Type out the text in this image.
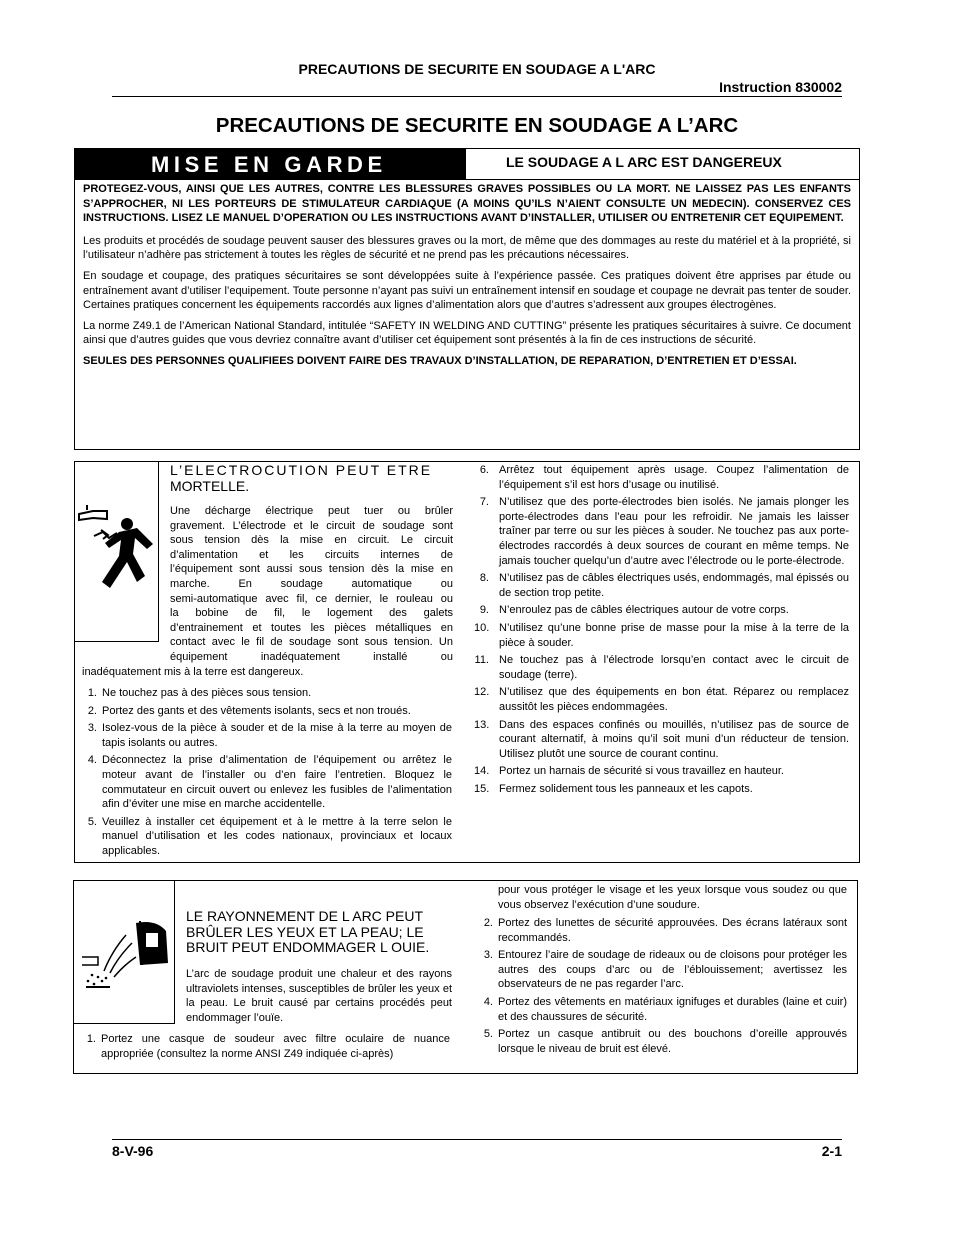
PRECAUTIONS DE SECURITE EN SOUDAGE A L'ARC
Instruction 830002
PRECAUTIONS DE SECURITE EN SOUDAGE A L’ARC
MISE EN GARDE	LE SOUDAGE A L ARC EST DANGEREUX
PROTEGEZ-VOUS, AINSI QUE LES AUTRES, CONTRE LES BLESSURES GRAVES POSSIBLES OU LA MORT. NE LAISSEZ PAS LES ENFANTS S’APPROCHER, NI LES PORTEURS DE STIMULATEUR CARDIAQUE (A MOINS QU’ILS N’AIENT CONSULTE UN MEDECIN). CONSERVEZ CES INSTRUCTIONS. LISEZ LE MANUEL D’OPERATION OU LES INSTRUCTIONS AVANT D’INSTALLER, UTILISER OU ENTRETENIR CET EQUIPEMENT.
Les produits et procédés de soudage peuvent sauser des blessures graves ou la mort, de même que des dommages au reste du matériel et à la propriété, si l’utilisateur n’adhère pas strictement à toutes les règles de sécurité et ne prend pas les précautions nécessaires.
En soudage et coupage, des pratiques sécuritaires se sont développées suite à l’expérience passée. Ces pratiques doivent être apprises par étude ou entraînement avant d’utiliser l’equipement. Toute personne n’ayant pas suivi un entraînement intensif en soudage et coupage ne devrait pas tenter de souder. Certaines pratiques concernent les équipements raccordés aux lignes d’alimentation alors que d’autres s’adressent aux groupes électrogènes.
La norme Z49.1 de l’American National Standard, intitulée “SAFETY IN WELDING AND CUTTING” présente les pratiques sécuritaires à suivre. Ce document ainsi que d’autres guides que vous devriez connaître avant d’utiliser cet équipement sont présentés à la fin de ces instructions de sécurité.
SEULES DES PERSONNES QUALIFIEES DOIVENT FAIRE DES TRAVAUX D’INSTALLATION, DE REPARATION, D’ENTRETIEN ET D’ESSAI.
L’ELECTROCUTION PEUT ETRE
MORTELLE.
Une décharge électrique peut tuer ou brûler
gravement. L’électrode et le circuit de soudage sont
sous tension dès la mise en circuit. Le circuit
d’alimentation et les circuits internes de
l’équipement sont aussi sous tension dès la mise en
marche. En soudage automatique ou
semi-automatique avec fil, ce dernier, le rouleau ou
la bobine de fil, le logement des galets
d’entrainement et toutes les pièces métalliques en
contact avec le fil de soudage sont sous tension. Un
équipement inadéquatement installé ou
inadéquatement mis à la terre est dangereux.
1. Ne touchez pas à des pièces sous tension.
2. Portez des gants et des vêtements isolants, secs et non troués.
3. Isolez-vous de la pièce à souder et de la mise à la terre au moyen de tapis isolants ou autres.
4. Déconnectez la prise d’alimentation de l’équipement ou arrêtez le moteur avant de l’installer ou d’en faire l’entretien. Bloquez le commutateur en circuit ouvert ou enlevez les fusibles de l’alimentation afin d’éviter une mise en marche accidentelle.
5. Veuillez à installer cet équipement et à le mettre à la terre selon le manuel d’utilisation et les codes nationaux, provinciaux et locaux applicables.
6. Arrêtez tout équipement après usage. Coupez l’alimentation de l’équipement s’il est hors d’usage ou inutilisé.
7. N’utilisez que des porte-électrodes bien isolés. Ne jamais plonger les porte-électrodes dans l’eau pour les refroidir. Ne jamais les laisser traîner par terre ou sur les pièces à souder. Ne touchez pas aux porte-électrodes raccordés à deux sources de courant en même temps. Ne jamais toucher quelqu’un d’autre avec l’électrode ou le porte-électrode.
8. N’utilisez pas de câbles électriques usés, endommagés, mal épissés ou de section trop petite.
9. N’enroulez pas de câbles électriques autour de votre corps.
10. N’utilisez qu’une bonne prise de masse pour la mise à la terre de la pièce à souder.
11. Ne touchez pas à l’électrode lorsqu’en contact avec le circuit de soudage (terre).
12. N’utilisez que des équipements en bon état. Réparez ou remplacez aussitôt les pièces endommagées.
13. Dans des espaces confinés ou mouillés, n’utilisez pas de source de courant alternatif, à moins qu’il soit muni d’un réducteur de tension. Utilisez plutôt une source de courant continu.
14. Portez un harnais de sécurité si vous travaillez en hauteur.
15. Fermez solidement tous les panneaux et les capots.
LE RAYONNEMENT DE L ARC PEUT BRÛLER LES YEUX ET LA PEAU; LE BRUIT PEUT ENDOMMAGER L OUIE.
L’arc de soudage produit une chaleur et des rayons ultraviolets intenses, susceptibles de brûler les yeux et la peau. Le bruit causé par certains procédés peut endommager l’ouïe.
1. Portez une casque de soudeur avec filtre oculaire de nuance appropriée (consultez la norme ANSI Z49 indiquée ci-après)
pour vous protéger le visage et les yeux lorsque vous soudez ou que vous observez l’exécution d’une soudure.
2. Portez des lunettes de sécurité approuvées. Des écrans latéraux sont recommandés.
3. Entourez l’aire de soudage de rideaux ou de cloisons pour protéger les autres des coups d’arc ou de l’éblouissement; avertissez les observateurs de ne pas regarder l’arc.
4. Portez des vêtements en matériaux ignifuges et durables (laine et cuir) et des chaussures de sécurité.
5. Portez un casque antibruit ou des bouchons d’oreille approuvés lorsque le niveau de bruit est élevé.
8-V-96	2-1
